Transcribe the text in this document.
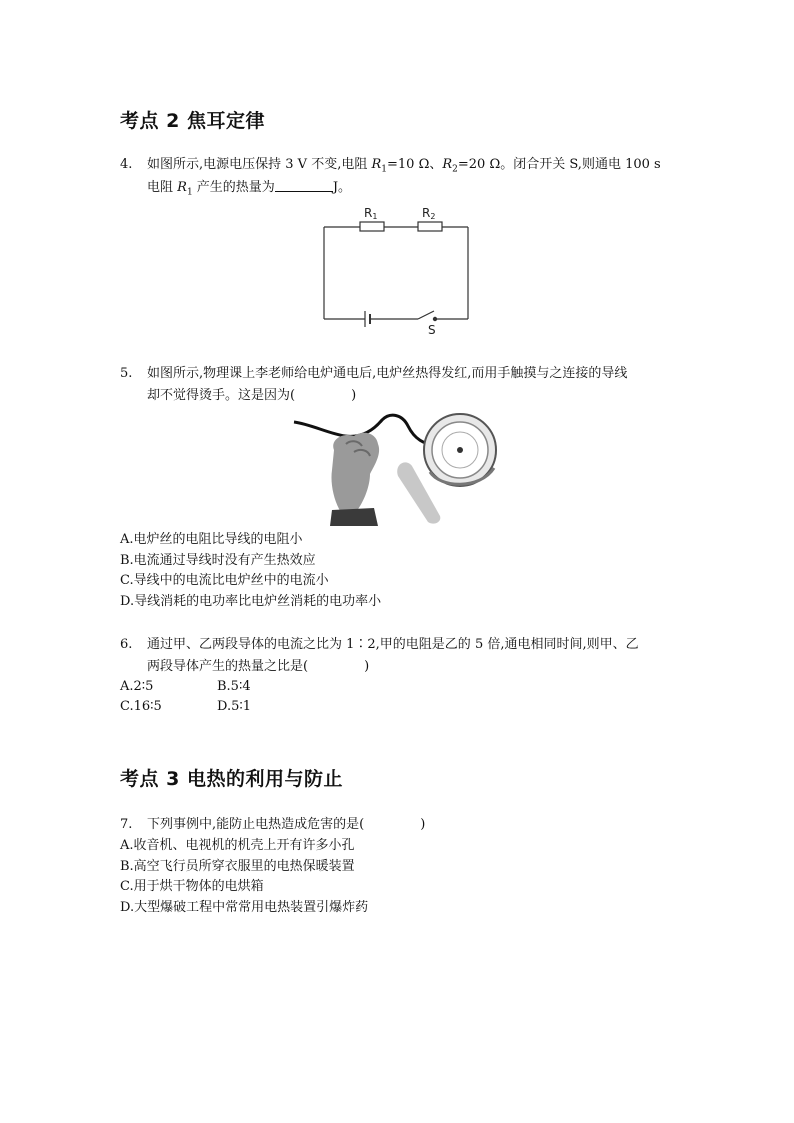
考点 2 焦耳定律
4. 如图所示,电源电压保持 3 V 不变,电阻 $R_1=10$ Ω、$R_2=20$ Ω。闭合开关 S,则通电 100 s
电阻 $R_1$ 产生的热量为	J。
R1	R2
S
5. 如图所示,物理课上李老师给电炉通电后,电炉丝热得发红,而用手触摸与之连接的导线
却不觉得烫手。这是因为(	)
A.电炉丝的电阻比导线的电阻小
B.电流通过导线时没有产生热效应
C.导线中的电流比电炉丝中的电流小
D.导线消耗的电功率比电炉丝消耗的电功率小
6. 通过甲、乙两段导体的电流之比为 1∶2,甲的电阻是乙的 5 倍,通电相同时间,则甲、乙
两段导体产生的热量之比是(	)
A.2∶5	B.5∶4
C.16∶5	D.5∶1
考点 3 电热的利用与防止
7. 下列事例中,能防止电热造成危害的是(	)
A.收音机、电视机的机壳上开有许多小孔
B.高空飞行员所穿衣服里的电热保暖装置
C.用于烘干物体的电烘箱
D.大型爆破工程中常常用电热装置引爆炸药
